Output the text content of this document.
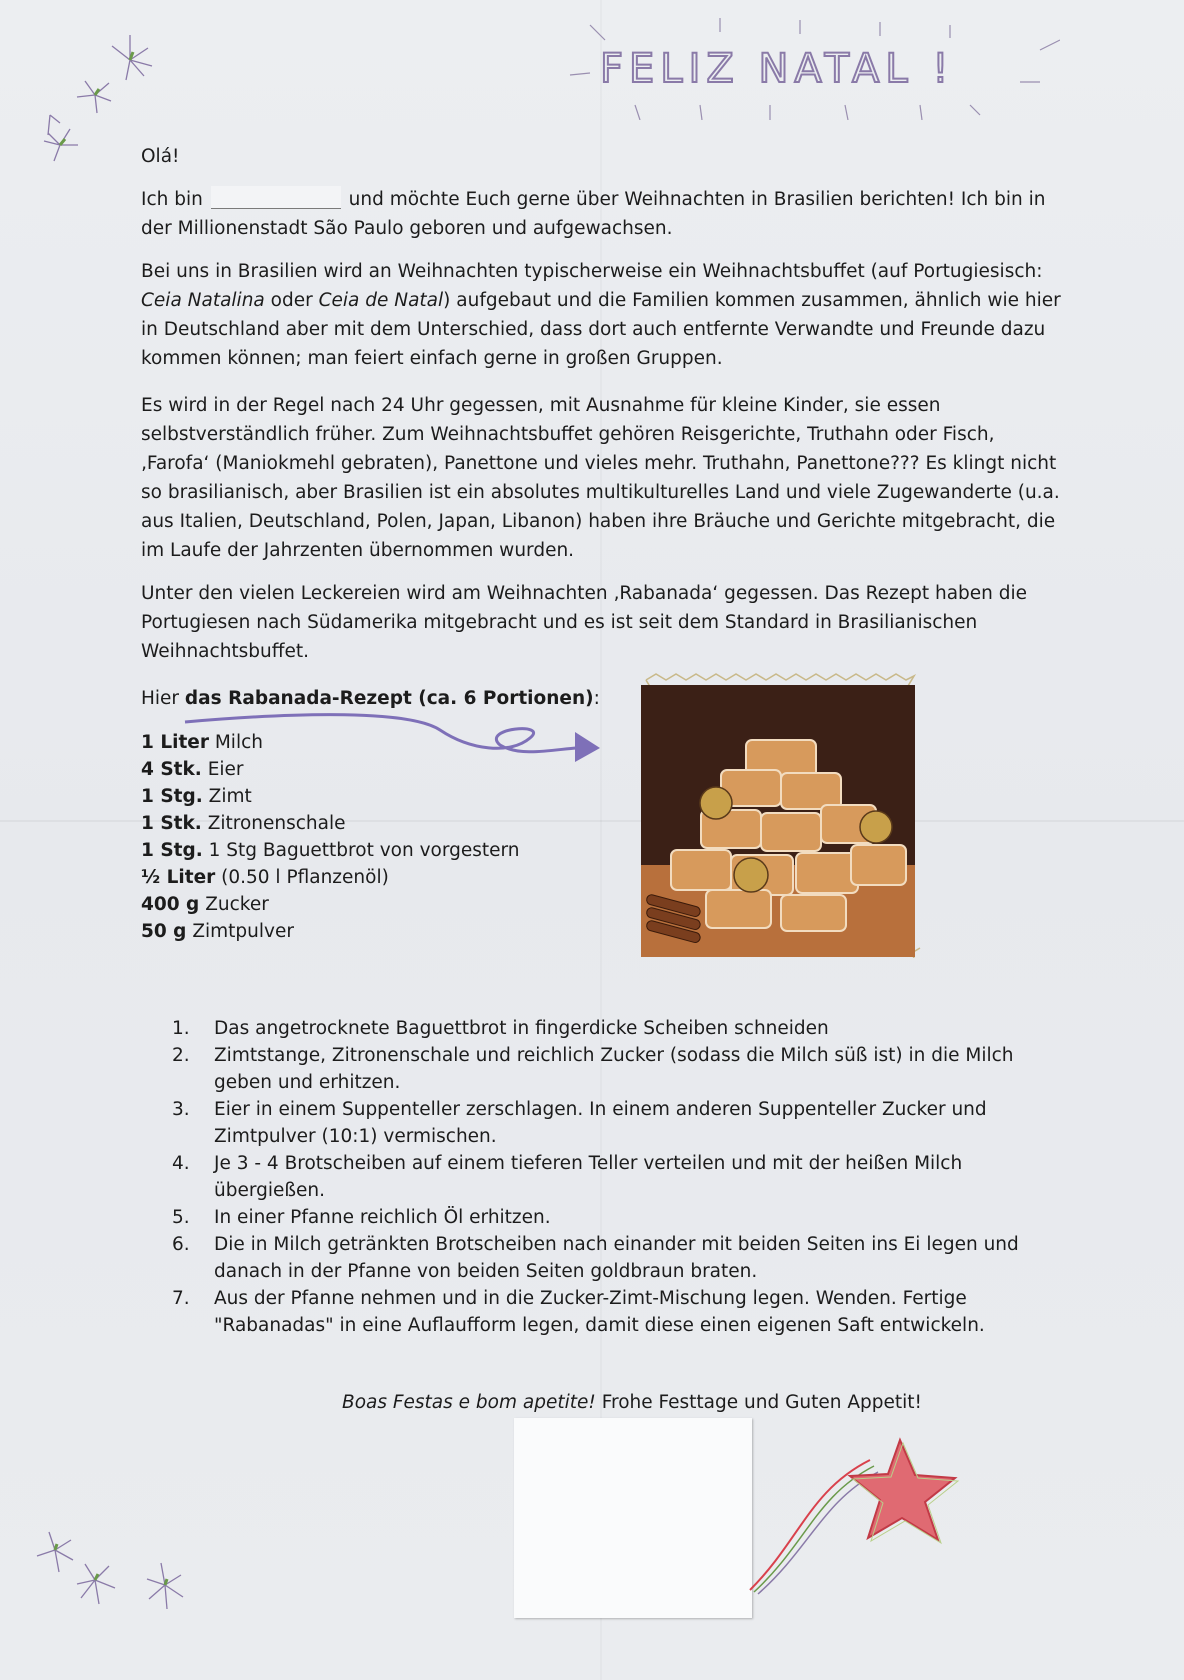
FELIZ NATAL !
Olá!

Ich bin	und möchte Euch gerne über Weihnachten in Brasilien berichten! Ich bin in der Millionenstadt São Paulo geboren und aufgewachsen.

Bei uns in Brasilien wird an Weihnachten typischerweise ein Weihnachtsbuffet (auf Portugiesisch: Ceia Natalina oder Ceia de Natal) aufgebaut und die Familien kommen zusammen, ähnlich wie hier in Deutschland aber mit dem Unterschied, dass dort auch entfernte Verwandte und Freunde dazu kommen können; man feiert einfach gerne in großen Gruppen.

Es wird in der Regel nach 24 Uhr gegessen, mit Ausnahme für kleine Kinder, sie essen selbstverständlich früher. Zum Weihnachtsbuffet gehören Reisgerichte, Truthahn oder Fisch, ‚Farofa‘ (Maniokmehl gebraten), Panettone und vieles mehr. Truthahn, Panettone??? Es klingt nicht so brasilianisch, aber Brasilien ist ein absolutes multikulturelles Land und viele Zugewanderte (u.a. aus Italien, Deutschland, Polen, Japan, Libanon) haben ihre Bräuche und Gerichte mitgebracht, die im Laufe der Jahrzenten übernommen wurden.
Unter den vielen Leckereien wird am Weihnachten ‚Rabanada‘ gegessen. Das Rezept haben die Portugiesen nach Südamerika mitgebracht und es ist seit dem Standard in Brasilianischen Weihnachtsbuffet.
Hier das Rabanada-Rezept (ca. 6 Portionen):
1 Liter Milch
4 Stk. Eier
1 Stg. Zimt
1 Stk. Zitronenschale
1 Stg. 1 Stg Baguettbrot von vorgestern
½ Liter (0.50 l Pflanzenöl)
400 g Zucker
50 g Zimtpulver
1.	Das angetrocknete Baguettbrot in fingerdicke Scheiben schneiden
2.	Zimtstange, Zitronenschale und reichlich Zucker (sodass die Milch süß ist) in die Milch geben und erhitzen.
3.	Eier in einem Suppenteller zerschlagen. In einem anderen Suppenteller Zucker und Zimtpulver (10:1) vermischen.
4.	Je 3 - 4 Brotscheiben auf einem tieferen Teller verteilen und mit der heißen Milch übergießen.
5.	In einer Pfanne reichlich Öl erhitzen.
6.	Die in Milch getränkten Brotscheiben nach einander mit beiden Seiten ins Ei legen und danach in der Pfanne von beiden Seiten goldbraun braten.
7.	Aus der Pfanne nehmen und in die Zucker-Zimt-Mischung legen. Wenden. Fertige "Rabanadas" in eine Auflaufform legen, damit diese einen eigenen Saft entwickeln.
Boas Festas e bom apetite! Frohe Festtage und Guten Appetit!
